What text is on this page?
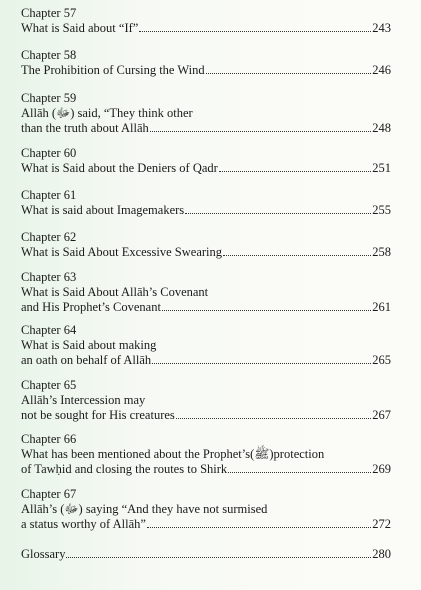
Chapter 57
What is Said about “If”	243
Chapter 58
The Prohibition of Cursing the Wind	246
Chapter 59
Allāh (ﷻ) said, “They think other
than the truth about Allāh	248
Chapter 60
What is Said about the Deniers of Qadr	251
Chapter 61
What is said about Imagemakers	255
Chapter 62
What is Said About Excessive Swearing	258
Chapter 63
What is Said About Allāh’s Covenant
and His Prophet’s Covenant	261
Chapter 64
What is Said about making
an oath on behalf of Allāh	265
Chapter 65
Allāh’s Intercession may
not be sought for His creatures	267
Chapter 66
What has been mentioned about the Prophet’s(ﷺ)protection
of Tawḥid and closing the routes to Shirk	269
Chapter 67
Allāh’s (ﷻ) saying “And they have not surmised
a status worthy of Allāh”	272
Glossary	280
